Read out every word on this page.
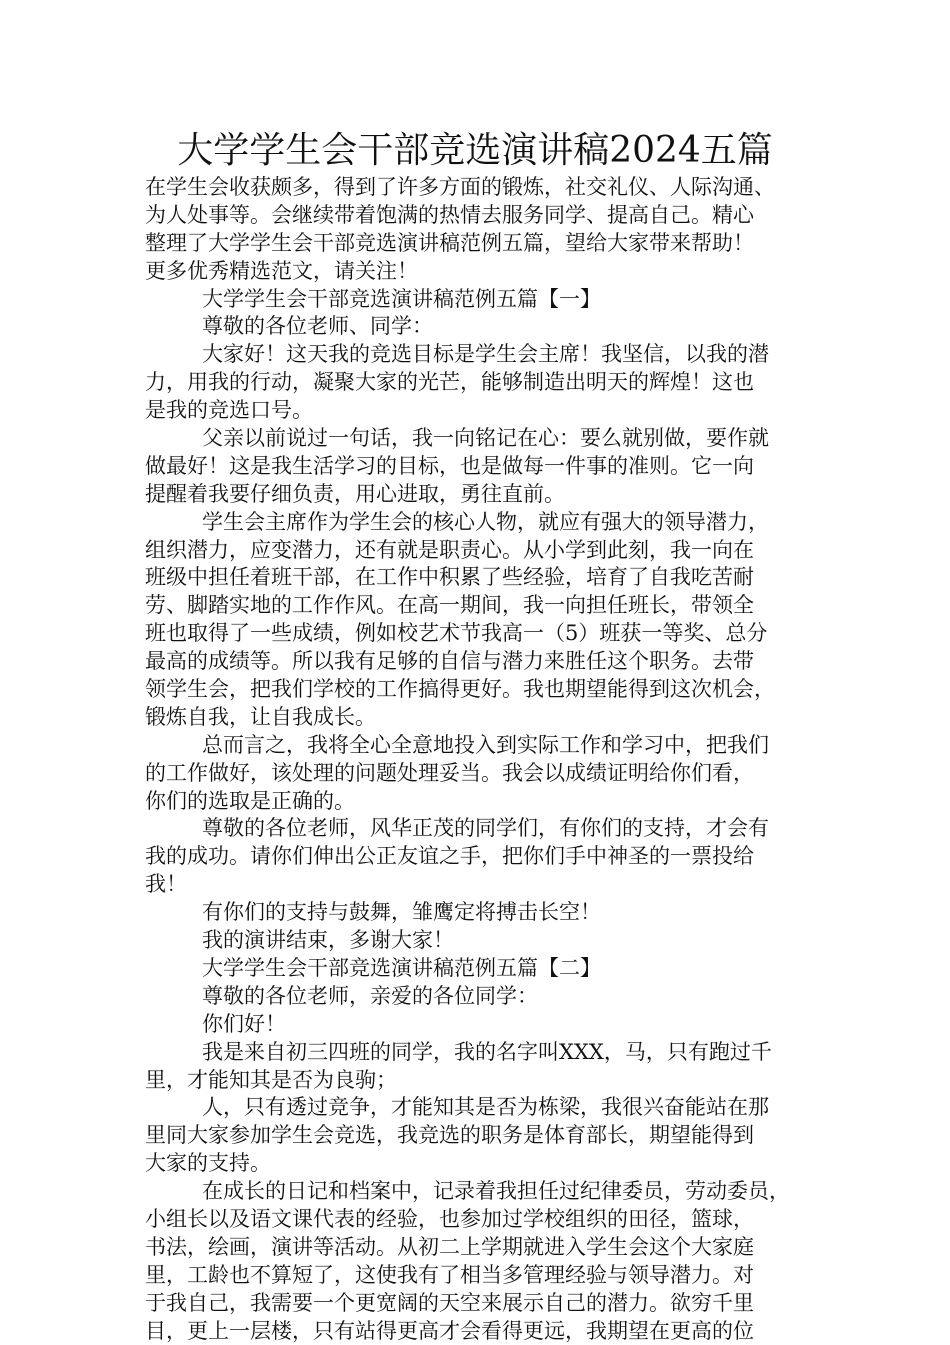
大学学生会干部竞选演讲稿2024五篇
在学生会收获颇多，得到了许多方面的锻炼，社交礼仪、人际沟通、
为人处事等。会继续带着饱满的热情去服务同学、提高自己。精心
整理了大学学生会干部竞选演讲稿范例五篇，望给大家带来帮助！
更多优秀精选范文，请关注！
大学学生会干部竞选演讲稿范例五篇【一】
尊敬的各位老师、同学：
大家好！这天我的竞选目标是学生会主席！我坚信，以我的潜
力，用我的行动，凝聚大家的光芒，能够制造出明天的辉煌！这也
是我的竞选口号。
父亲以前说过一句话，我一向铭记在心：要么就别做，要作就
做最好！这是我生活学习的目标，也是做每一件事的准则。它一向
提醒着我要仔细负责，用心进取，勇往直前。
学生会主席作为学生会的核心人物，就应有强大的领导潜力，
组织潜力，应变潜力，还有就是职责心。从小学到此刻，我一向在
班级中担任着班干部，在工作中积累了些经验，培育了自我吃苦耐
劳、脚踏实地的工作作风。在高一期间，我一向担任班长，带领全
班也取得了一些成绩，例如校艺术节我高一（5）班获一等奖、总分
最高的成绩等。所以我有足够的自信与潜力来胜任这个职务。去带
领学生会，把我们学校的工作搞得更好。我也期望能得到这次机会，
锻炼自我，让自我成长。
总而言之，我将全心全意地投入到实际工作和学习中，把我们
的工作做好，该处理的问题处理妥当。我会以成绩证明给你们看，
你们的选取是正确的。
尊敬的各位老师，风华正茂的同学们，有你们的支持，才会有
我的成功。请你们伸出公正友谊之手，把你们手中神圣的一票投给
我！
有你们的支持与鼓舞，雏鹰定将搏击长空！
我的演讲结束，多谢大家！
大学学生会干部竞选演讲稿范例五篇【二】
尊敬的各位老师，亲爱的各位同学：
你们好！
我是来自初三四班的同学，我的名字叫XXX，马，只有跑过千
里，才能知其是否为良驹；
人，只有透过竞争，才能知其是否为栋梁，我很兴奋能站在那
里同大家参加学生会竞选，我竞选的职务是体育部长，期望能得到
大家的支持。
在成长的日记和档案中，记录着我担任过纪律委员，劳动委员，
小组长以及语文课代表的经验，也参加过学校组织的田径，篮球，
书法，绘画，演讲等活动。从初二上学期就进入学生会这个大家庭
里，工龄也不算短了，这使我有了相当多管理经验与领导潜力。对
于我自己，我需要一个更宽阔的天空来展示自己的潜力。欲穷千里
目，更上一层楼，只有站得更高才会看得更远，我期望在更高的位
